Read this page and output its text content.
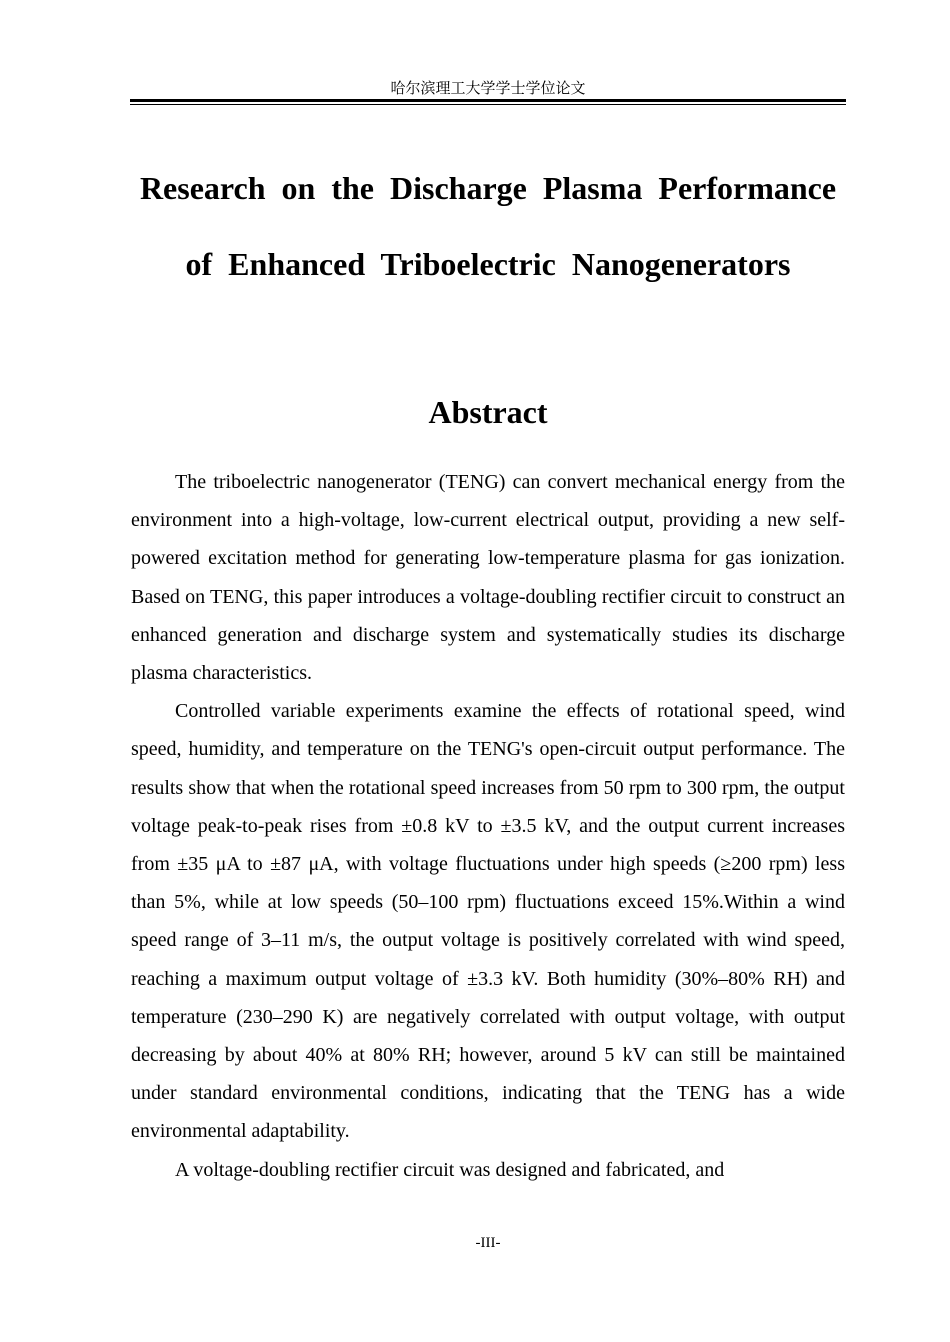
哈尔滨理工大学学士学位论文
Research on the Discharge Plasma Performance of Enhanced Triboelectric Nanogenerators
Abstract

The triboelectric nanogenerator (TENG) can convert mechanical energy from the environment into a high-voltage, low-current electrical output, providing a new self-powered excitation method for generating low-temperature plasma for gas ionization. Based on TENG, this paper introduces a voltage-doubling rectifier circuit to construct an enhanced generation and discharge system and systematically studies its discharge plasma characteristics.

Controlled variable experiments examine the effects of rotational speed, wind speed, humidity, and temperature on the TENG's open-circuit output performance. The results show that when the rotational speed increases from 50 rpm to 300 rpm, the output voltage peak-to-peak rises from ±0.8 kV to ±3.5 kV, and the output current increases from ±35 μA to ±87 μA, with voltage fluctuations under high speeds (≥200 rpm) less than 5%, while at low speeds (50–100 rpm) fluctuations exceed 15%.Within a wind speed range of 3–11 m/s, the output voltage is positively correlated with wind speed, reaching a maximum output voltage of ±3.3 kV. Both humidity (30%–80% RH) and temperature (230–290 K) are negatively correlated with output voltage, with output decreasing by about 40% at 80% RH; however, around 5 kV can still be maintained under standard environmental conditions, indicating that the TENG has a wide environmental adaptability.

A voltage-doubling rectifier circuit was designed and fabricated, and

-III-
